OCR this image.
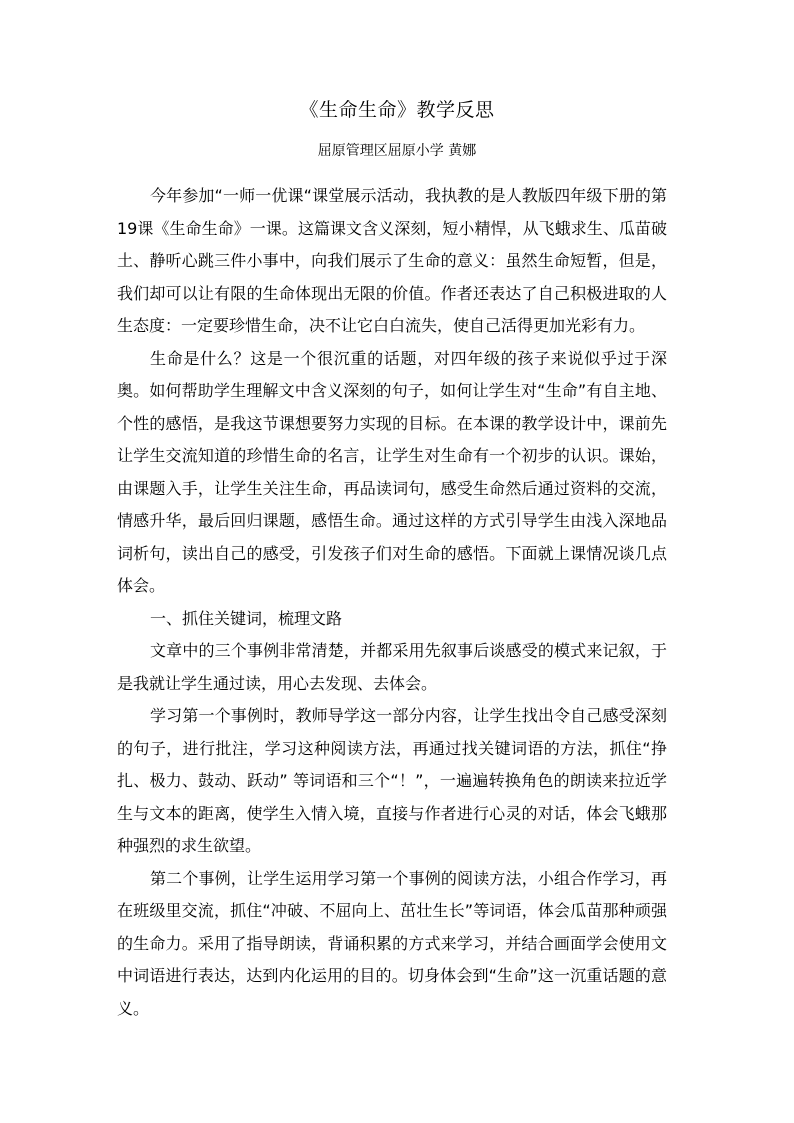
《生命生命》教学反思
屈原管理区屈原小学 黄娜

今年参加“一师一优课“课堂展示活动，我执教的是人教版四年级下册的第19课《生命生命》一课。这篇课文含义深刻，短小精悍，从飞蛾求生、瓜苗破土、静听心跳三件小事中，向我们展示了生命的意义：虽然生命短暂，但是，我们却可以让有限的生命体现出无限的价值。作者还表达了自己积极进取的人生态度：一定要珍惜生命，决不让它白白流失，使自己活得更加光彩有力。

生命是什么？这是一个很沉重的话题，对四年级的孩子来说似乎过于深奥。如何帮助学生理解文中含义深刻的句子，如何让学生对“生命”有自主地、个性的感悟，是我这节课想要努力实现的目标。在本课的教学设计中，课前先让学生交流知道的珍惜生命的名言，让学生对生命有一个初步的认识。课始，由课题入手，让学生关注生命，再品读词句，感受生命然后通过资料的交流，情感升华，最后回归课题，感悟生命。通过这样的方式引导学生由浅入深地品词析句，读出自己的感受，引发孩子们对生命的感悟。下面就上课情况谈几点体会。

一、抓住关键词，梳理文路

文章中的三个事例非常清楚，并都采用先叙事后谈感受的模式来记叙，于是我就让学生通过读，用心去发现、去体会。

学习第一个事例时，教师导学这一部分内容，让学生找出令自己感受深刻的句子，进行批注，学习这种阅读方法，再通过找关键词语的方法，抓住“挣扎、极力、鼓动、跃动” 等词语和三个“！”，一遍遍转换角色的朗读来拉近学生与文本的距离，使学生入情入境，直接与作者进行心灵的对话，体会飞蛾那种强烈的求生欲望。

第二个事例，让学生运用学习第一个事例的阅读方法，小组合作学习，再在班级里交流，抓住“冲破、不屈向上、茁壮生长”等词语，体会瓜苗那种顽强的生命力。采用了指导朗读，背诵积累的方式来学习，并结合画面学会使用文中词语进行表达，达到内化运用的目的。切身体会到“生命”这一沉重话题的意义。
